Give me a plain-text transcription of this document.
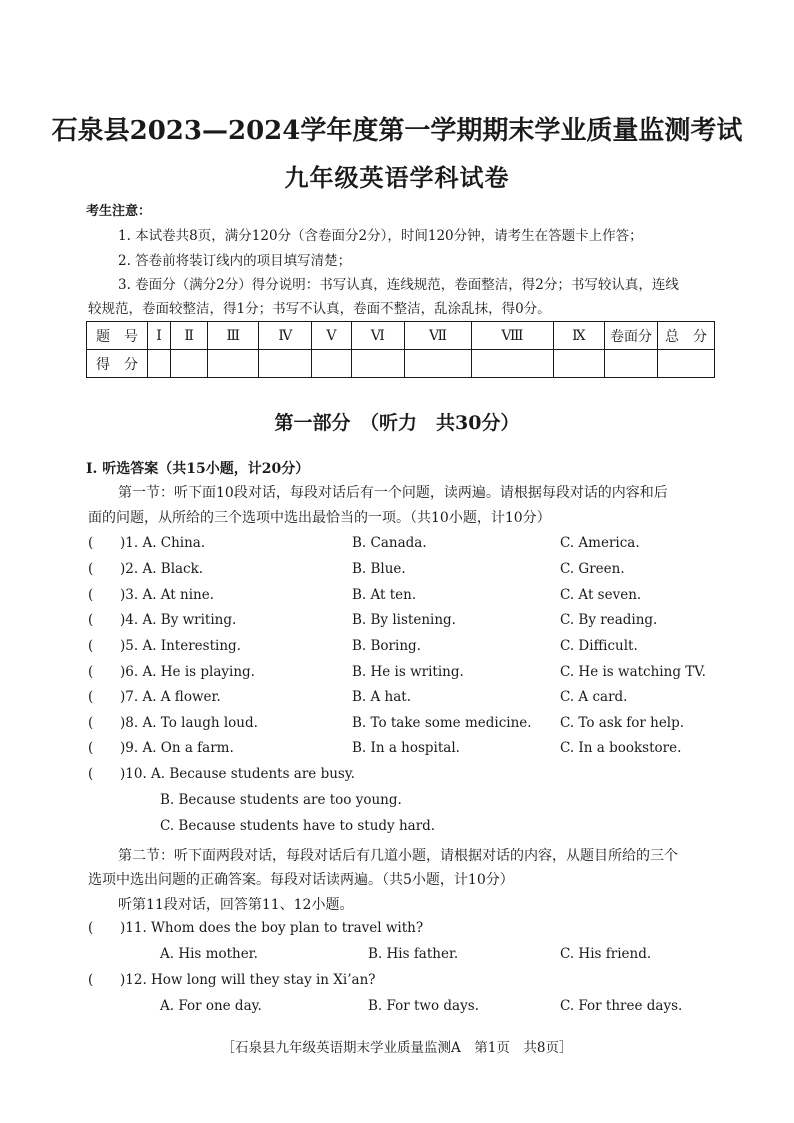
石泉县2023—2024学年度第一学期期末学业质量监测考试
九年级英语学科试卷
考生注意：
1. 本试卷共8页，满分120分（含卷面分2分），时间120分钟，请考生在答题卡上作答；
2. 答卷前将装订线内的项目填写清楚；
3. 卷面分（满分2分）得分说明：书写认真，连线规范，卷面整洁，得2分；书写较认真，连线
较规范，卷面较整洁，得1分；书写不认真，卷面不整洁，乱涂乱抹，得0分。
题　号	Ⅰ	Ⅱ	Ⅲ	Ⅳ	Ⅴ	Ⅵ	Ⅶ	Ⅷ	Ⅸ	卷面分	总　分
得　分											
第一部分　（听力　共30分）
Ⅰ. 听选答案（共15小题，计20分）
第一节：听下面10段对话，每段对话后有一个问题，读两遍。请根据每段对话的内容和后
面的问题，从所给的三个选项中选出最恰当的一项。（共10小题，计10分）
( )1. A. China.	B. Canada.	C. America.
( )2. A. Black.	B. Blue.	C. Green.
( )3. A. At nine.	B. At ten.	C. At seven.
( )4. A. By writing.	B. By listening.	C. By reading.
( )5. A. Interesting.	B. Boring.	C. Difficult.
( )6. A. He is playing.	B. He is writing.	C. He is watching TV.
( )7. A. A flower.	B. A hat.	C. A card.
( )8. A. To laugh loud.	B. To take some medicine. C. To ask for help.
( )9. A. On a farm.	B. In a hospital.	C. In a bookstore.
( )10. A. Because students are busy.
B. Because students are too young.
C. Because students have to study hard.
第二节：听下面两段对话，每段对话后有几道小题，请根据对话的内容，从题目所给的三个
选项中选出问题的正确答案。每段对话读两遍。（共5小题，计10分）
听第11段对话，回答第11、12小题。
( )11. Whom does the boy plan to travel with?
A. His mother.	B. His father.	C. His friend.
( )12. How long will they stay in Xi’an?
A. For one day.	B. For two days.	C. For three days.
［石泉县九年级英语期末学业质量监测A　第1页　共8页］
